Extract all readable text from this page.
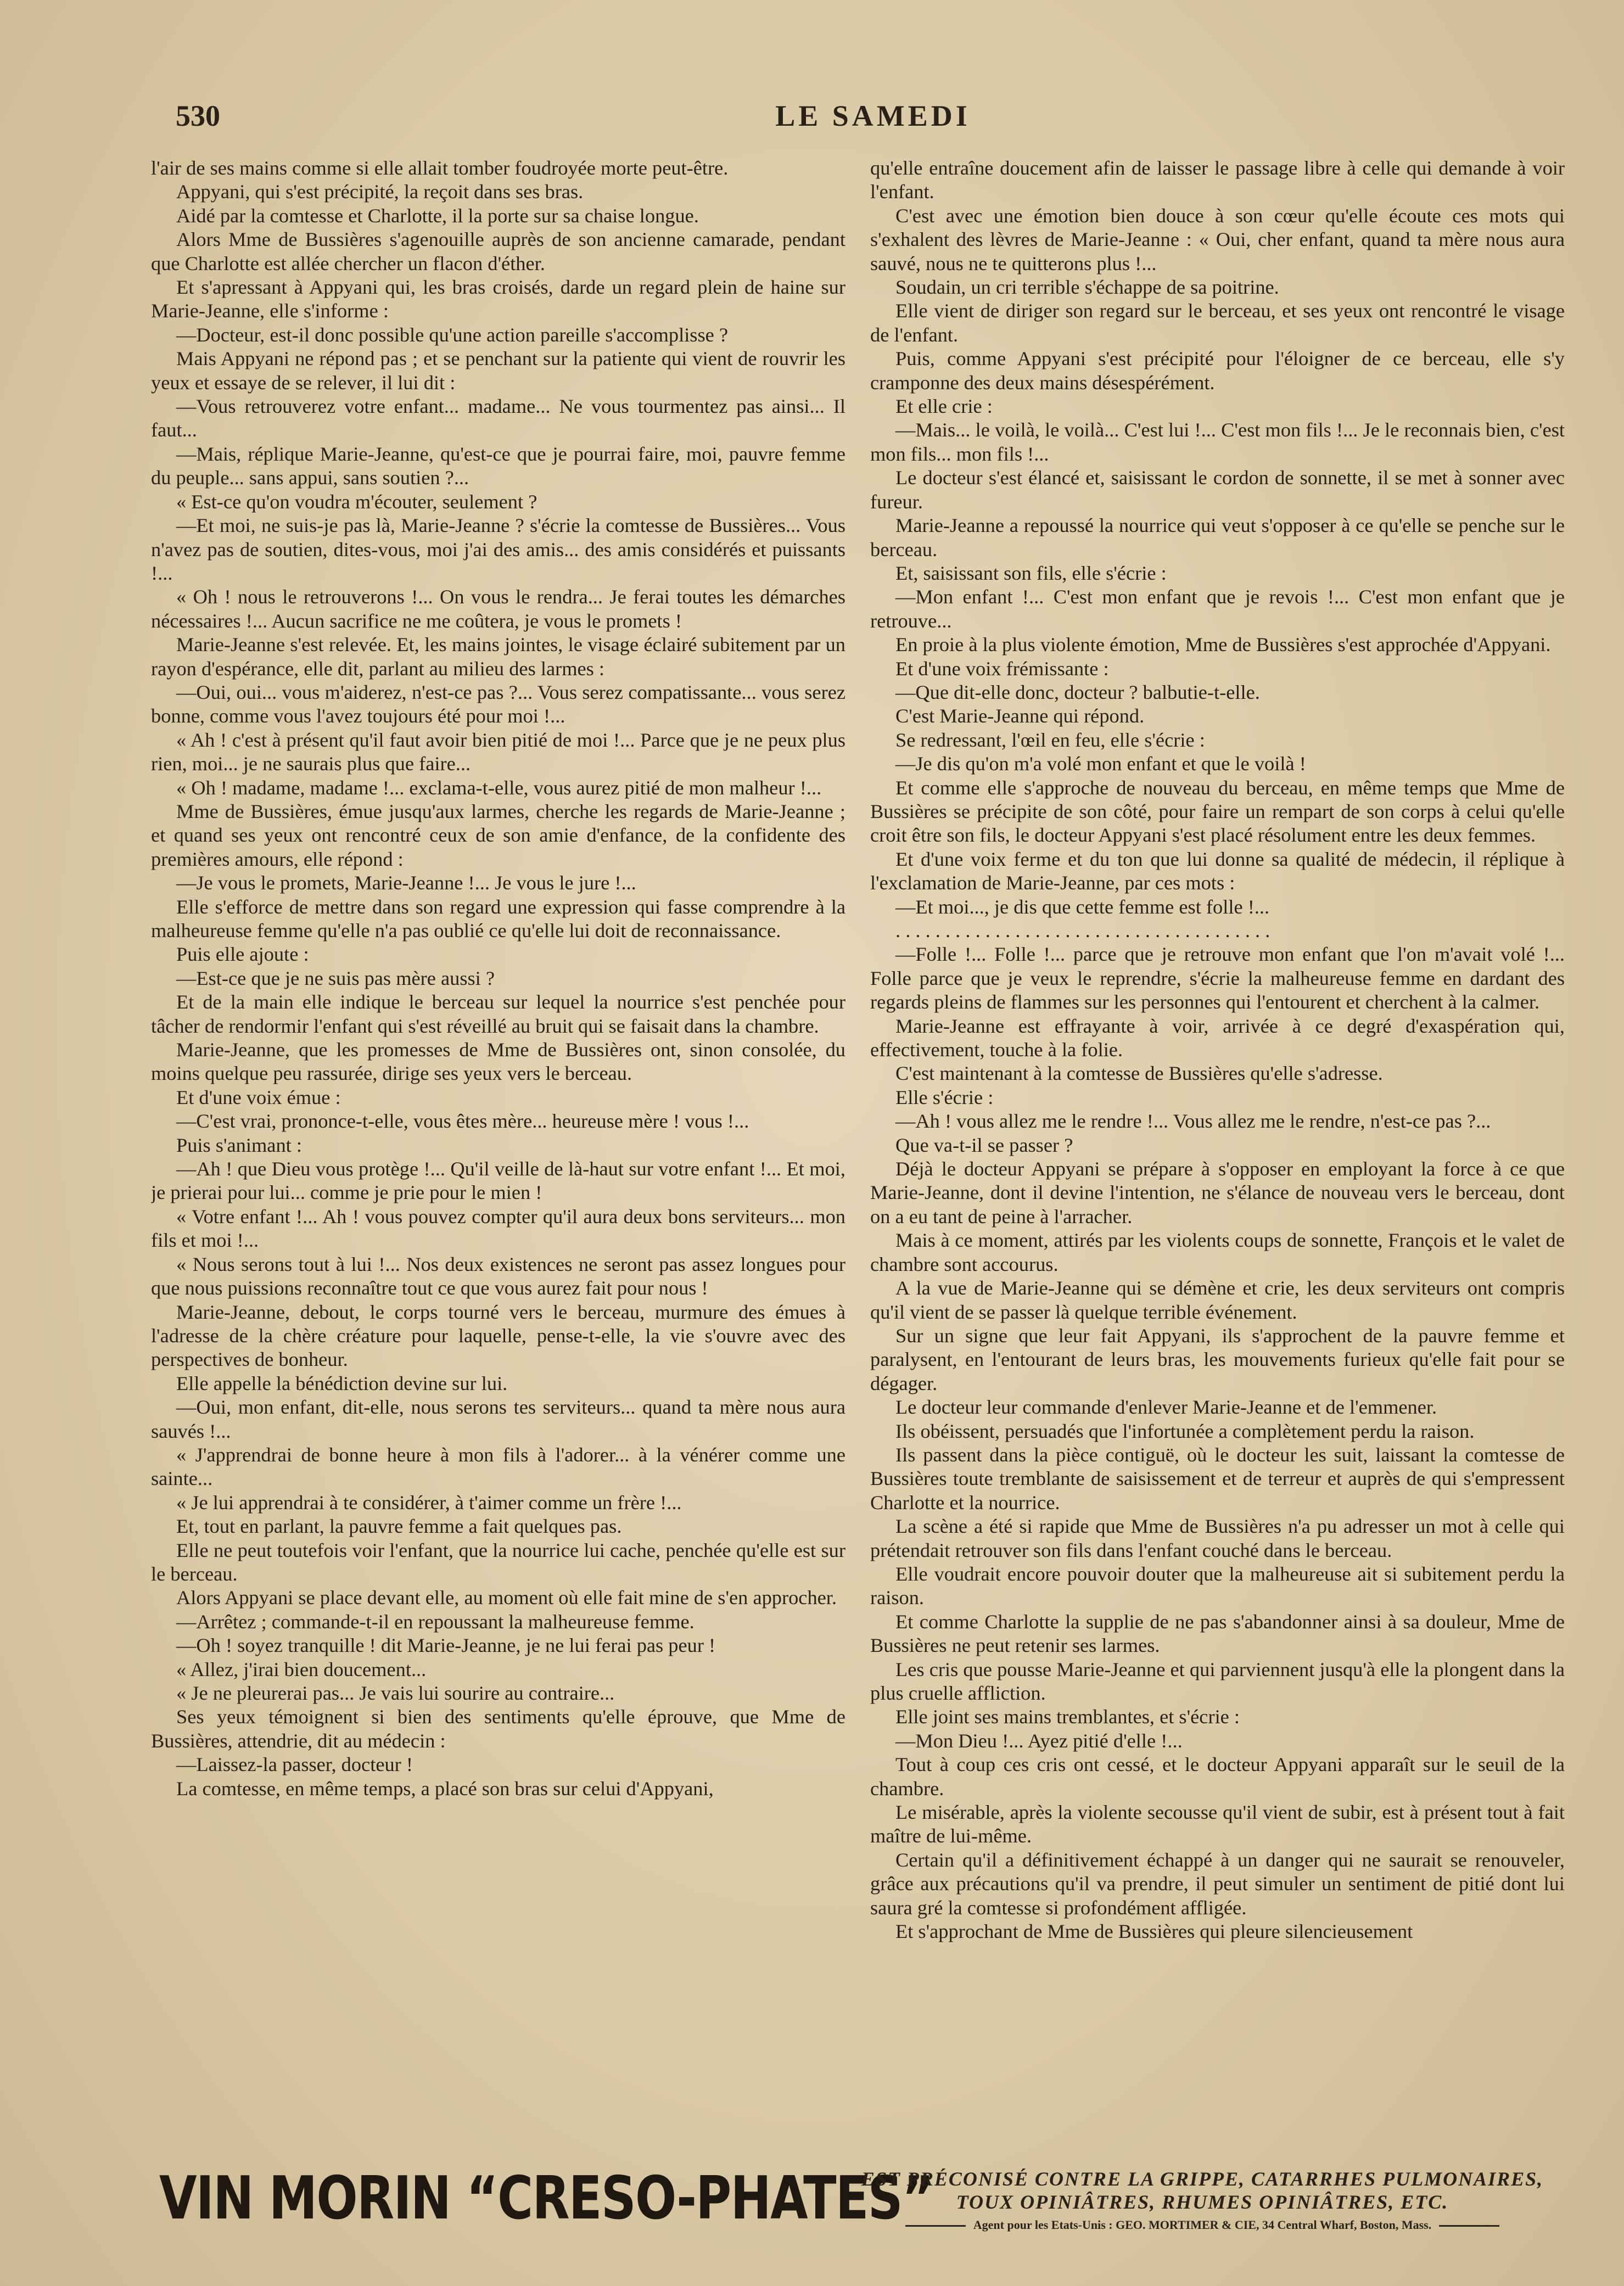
530	LE SAMEDI

l'air de ses mains comme si elle allait tomber foudroyée morte peut-être.

Appyani, qui s'est précipité, la reçoit dans ses bras.

Aidé par la comtesse et Charlotte, il la porte sur sa chaise longue.

Alors Mme de Bussières s'agenouille auprès de son ancienne camarade, pendant que Charlotte est allée chercher un flacon d'éther.

Et s'apressant à Appyani qui, les bras croisés, darde un regard plein de haine sur Marie-Jeanne, elle s'informe :

—Docteur, est-il donc possible qu'une action pareille s'accomplisse ?

Mais Appyani ne répond pas ; et se penchant sur la patiente qui vient de rouvrir les yeux et essaye de se relever, il lui dit :

—Vous retrouverez votre enfant... madame... Ne vous tourmentez pas ainsi... Il faut...

—Mais, réplique Marie-Jeanne, qu'est-ce que je pourrai faire, moi, pauvre femme du peuple... sans appui, sans soutien ?...

« Est-ce qu'on voudra m'écouter, seulement ?

—Et moi, ne suis-je pas là, Marie-Jeanne ? s'écrie la comtesse de Bussières... Vous n'avez pas de soutien, dites-vous, moi j'ai des amis... des amis considérés et puissants !...

« Oh ! nous le retrouverons !... On vous le rendra... Je ferai toutes les démarches nécessaires !... Aucun sacrifice ne me coûtera, je vous le promets !

Marie-Jeanne s'est relevée. Et, les mains jointes, le visage éclairé subitement par un rayon d'espérance, elle dit, parlant au milieu des larmes :

—Oui, oui... vous m'aiderez, n'est-ce pas ?... Vous serez compatissante... vous serez bonne, comme vous l'avez toujours été pour moi !...

« Ah ! c'est à présent qu'il faut avoir bien pitié de moi !... Parce que je ne peux plus rien, moi... je ne saurais plus que faire...

« Oh ! madame, madame !... exclama-t-elle, vous aurez pitié de mon malheur !...

Mme de Bussières, émue jusqu'aux larmes, cherche les regards de Marie-Jeanne ; et quand ses yeux ont rencontré ceux de son amie d'enfance, de la confidente des premières amours, elle répond :

—Je vous le promets, Marie-Jeanne !... Je vous le jure !...

Elle s'efforce de mettre dans son regard une expression qui fasse comprendre à la malheureuse femme qu'elle n'a pas oublié ce qu'elle lui doit de reconnaissance.

Puis elle ajoute :

—Est-ce que je ne suis pas mère aussi ?

Et de la main elle indique le berceau sur lequel la nourrice s'est penchée pour tâcher de rendormir l'enfant qui s'est réveillé au bruit qui se faisait dans la chambre.

Marie-Jeanne, que les promesses de Mme de Bussières ont, sinon consolée, du moins quelque peu rassurée, dirige ses yeux vers le berceau.

Et d'une voix émue :

—C'est vrai, prononce-t-elle, vous êtes mère... heureuse mère ! vous !...

Puis s'animant :

—Ah ! que Dieu vous protège !... Qu'il veille de là-haut sur votre enfant !... Et moi, je prierai pour lui... comme je prie pour le mien !

« Votre enfant !... Ah ! vous pouvez compter qu'il aura deux bons serviteurs... mon fils et moi !...

« Nous serons tout à lui !... Nos deux existences ne seront pas assez longues pour que nous puissions reconnaître tout ce que vous aurez fait pour nous !

Marie-Jeanne, debout, le corps tourné vers le berceau, murmure des émues à l'adresse de la chère créature pour laquelle, pense-t-elle, la vie s'ouvre avec des perspectives de bonheur.

Elle appelle la bénédiction devine sur lui.

—Oui, mon enfant, dit-elle, nous serons tes serviteurs... quand ta mère nous aura sauvés !...

« J'apprendrai de bonne heure à mon fils à l'adorer... à la vénérer comme une sainte...

« Je lui apprendrai à te considérer, à t'aimer comme un frère !...

Et, tout en parlant, la pauvre femme a fait quelques pas.

Elle ne peut toutefois voir l'enfant, que la nourrice lui cache, penchée qu'elle est sur le berceau.

Alors Appyani se place devant elle, au moment où elle fait mine de s'en approcher.

—Arrêtez ; commande-t-il en repoussant la malheureuse femme.

—Oh ! soyez tranquille ! dit Marie-Jeanne, je ne lui ferai pas peur !

« Allez, j'irai bien doucement...

« Je ne pleurerai pas... Je vais lui sourire au contraire...

Ses yeux témoignent si bien des sentiments qu'elle éprouve, que Mme de Bussières, attendrie, dit au médecin :

—Laissez-la passer, docteur !

La comtesse, en même temps, a placé son bras sur celui d'Appyani,

qu'elle entraîne doucement afin de laisser le passage libre à celle qui demande à voir l'enfant.

C'est avec une émotion bien douce à son cœur qu'elle écoute ces mots qui s'exhalent des lèvres de Marie-Jeanne : « Oui, cher enfant, quand ta mère nous aura sauvé, nous ne te quitterons plus !...

Soudain, un cri terrible s'échappe de sa poitrine.

Elle vient de diriger son regard sur le berceau, et ses yeux ont rencontré le visage de l'enfant.

Puis, comme Appyani s'est précipité pour l'éloigner de ce berceau, elle s'y cramponne des deux mains désespérément.

Et elle crie :

—Mais... le voilà, le voilà... C'est lui !... C'est mon fils !... Je le reconnais bien, c'est mon fils... mon fils !...

Le docteur s'est élancé et, saisissant le cordon de sonnette, il se met à sonner avec fureur.

Marie-Jeanne a repoussé la nourrice qui veut s'opposer à ce qu'elle se penche sur le berceau.

Et, saisissant son fils, elle s'écrie :

—Mon enfant !... C'est mon enfant que je revois !... C'est mon enfant que je retrouve...

En proie à la plus violente émotion, Mme de Bussières s'est approchée d'Appyani.

Et d'une voix frémissante :

—Que dit-elle donc, docteur ? balbutie-t-elle.

C'est Marie-Jeanne qui répond.

Se redressant, l'œil en feu, elle s'écrie :

—Je dis qu'on m'a volé mon enfant et que le voilà !

Et comme elle s'approche de nouveau du berceau, en même temps que Mme de Bussières se précipite de son côté, pour faire un rempart de son corps à celui qu'elle croit être son fils, le docteur Appyani s'est placé résolument entre les deux femmes.

Et d'une voix ferme et du ton que lui donne sa qualité de médecin, il réplique à l'exclamation de Marie-Jeanne, par ces mots :

—Et moi..., je dis que cette femme est folle !...

. . . . . . . . . . . . . . . . . . . . . . . . . . . . . . . . . . . . . .

—Folle !... Folle !... parce que je retrouve mon enfant que l'on m'avait volé !... Folle parce que je veux le reprendre, s'écrie la malheureuse femme en dardant des regards pleins de flammes sur les personnes qui l'entourent et cherchent à la calmer.

Marie-Jeanne est effrayante à voir, arrivée à ce degré d'exaspération qui, effectivement, touche à la folie.

C'est maintenant à la comtesse de Bussières qu'elle s'adresse.

Elle s'écrie :

—Ah ! vous allez me le rendre !... Vous allez me le rendre, n'est-ce pas ?...

Que va-t-il se passer ?

Déjà le docteur Appyani se prépare à s'opposer en employant la force à ce que Marie-Jeanne, dont il devine l'intention, ne s'élance de nouveau vers le berceau, dont on a eu tant de peine à l'arracher.

Mais à ce moment, attirés par les violents coups de sonnette, François et le valet de chambre sont accourus.

A la vue de Marie-Jeanne qui se démène et crie, les deux serviteurs ont compris qu'il vient de se passer là quelque terrible événement.

Sur un signe que leur fait Appyani, ils s'approchent de la pauvre femme et paralysent, en l'entourant de leurs bras, les mouvements furieux qu'elle fait pour se dégager.

Le docteur leur commande d'enlever Marie-Jeanne et de l'emmener.

Ils obéissent, persuadés que l'infortunée a complètement perdu la raison.

Ils passent dans la pièce contiguë, où le docteur les suit, laissant la comtesse de Bussières toute tremblante de saisissement et de terreur et auprès de qui s'empressent Charlotte et la nourrice.

La scène a été si rapide que Mme de Bussières n'a pu adresser un mot à celle qui prétendait retrouver son fils dans l'enfant couché dans le berceau.

Elle voudrait encore pouvoir douter que la malheureuse ait si subitement perdu la raison.

Et comme Charlotte la supplie de ne pas s'abandonner ainsi à sa douleur, Mme de Bussières ne peut retenir ses larmes.

Les cris que pousse Marie-Jeanne et qui parviennent jusqu'à elle la plongent dans la plus cruelle affliction.

Elle joint ses mains tremblantes, et s'écrie :

—Mon Dieu !... Ayez pitié d'elle !...

Tout à coup ces cris ont cessé, et le docteur Appyani apparaît sur le seuil de la chambre.

Le misérable, après la violente secousse qu'il vient de subir, est à présent tout à fait maître de lui-même.

Certain qu'il a définitivement échappé à un danger qui ne saurait se renouveler, grâce aux précautions qu'il va prendre, il peut simuler un sentiment de pitié dont lui saura gré la comtesse si profondément affligée.

Et s'approchant de Mme de Bussières qui pleure silencieusement

VIN MORIN “CRESO-PHATES”
EST PRÉCONISÉ CONTRE LA GRIPPE, CATARRHES PULMONAIRES,
TOUX OPINIÂTRES, RHUMES OPINIÂTRES, ETC.
Agent pour les Etats-Unis : GEO. MORTIMER & CIE, 34 Central Wharf, Boston, Mass.
